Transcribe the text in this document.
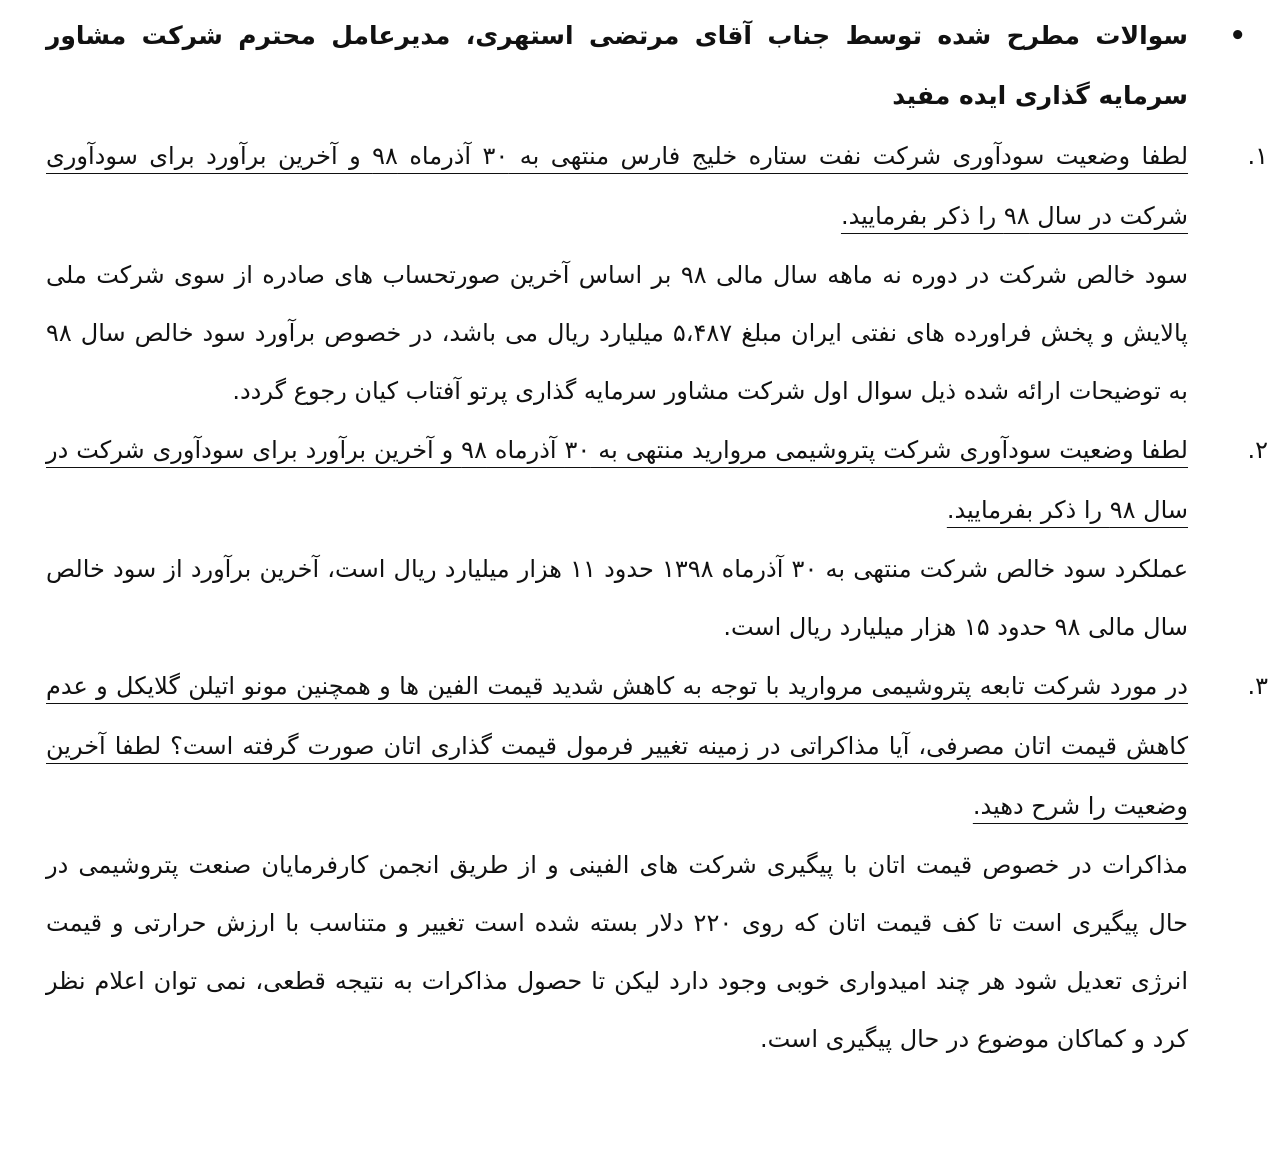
•
سوالات مطرح شده توسط جناب آقای مرتضی استهری، مدیرعامل محترم شرکت مشاور سرمایه گذاری ایده مفید
۱.
لطفا وضعیت سودآوری شرکت نفت ستاره خلیج فارس منتهی به ۳۰ آذرماه ۹۸ و آخرین برآورد برای سودآوری شرکت در سال ۹۸ را ذکر بفرمایید.
سود خالص شرکت در دوره نه ماهه سال مالی ۹۸ بر اساس آخرین صورتحساب های صادره از سوی شرکت ملی پالایش و پخش فراورده های نفتی ایران مبلغ ۵،۴۸۷ میلیارد ریال می باشد، در خصوص برآورد سود خالص سال ۹۸ به توضیحات ارائه شده ذیل سوال اول شرکت مشاور سرمایه گذاری پرتو آفتاب کیان رجوع گردد.
۲.
لطفا وضعیت سودآوری شرکت پتروشیمی مروارید منتهی به ۳۰ آذرماه ۹۸ و آخرین برآورد برای سودآوری شرکت در سال ۹۸ را ذکر بفرمایید.
عملکرد سود خالص شرکت منتهی به ۳۰ آذرماه ۱۳۹۸ حدود ۱۱ هزار میلیارد ریال است، آخرین برآورد از سود خالص سال مالی ۹۸ حدود ۱۵ هزار میلیارد ریال است.
۳.
در مورد شرکت تابعه پتروشیمی مروارید با توجه به کاهش شدید قیمت الفین ها و همچنین مونو اتیلن گلایکل و عدم کاهش قیمت اتان مصرفی، آیا مذاکراتی در زمینه تغییر فرمول قیمت گذاری اتان صورت گرفته است؟ لطفا آخرین وضعیت را شرح دهید.
مذاکرات در خصوص قیمت اتان با پیگیری شرکت های الفینی و از طریق انجمن کارفرمایان صنعت پتروشیمی در حال پیگیری است تا کف قیمت اتان که روی ۲۲۰ دلار بسته شده است تغییر و متناسب با ارزش حرارتی و قیمت انرژی تعدیل شود هر چند امیدواری خوبی وجود دارد لیکن تا حصول مذاکرات به نتیجه قطعی، نمی توان اعلام نظر کرد و کماکان موضوع در حال پیگیری است.
